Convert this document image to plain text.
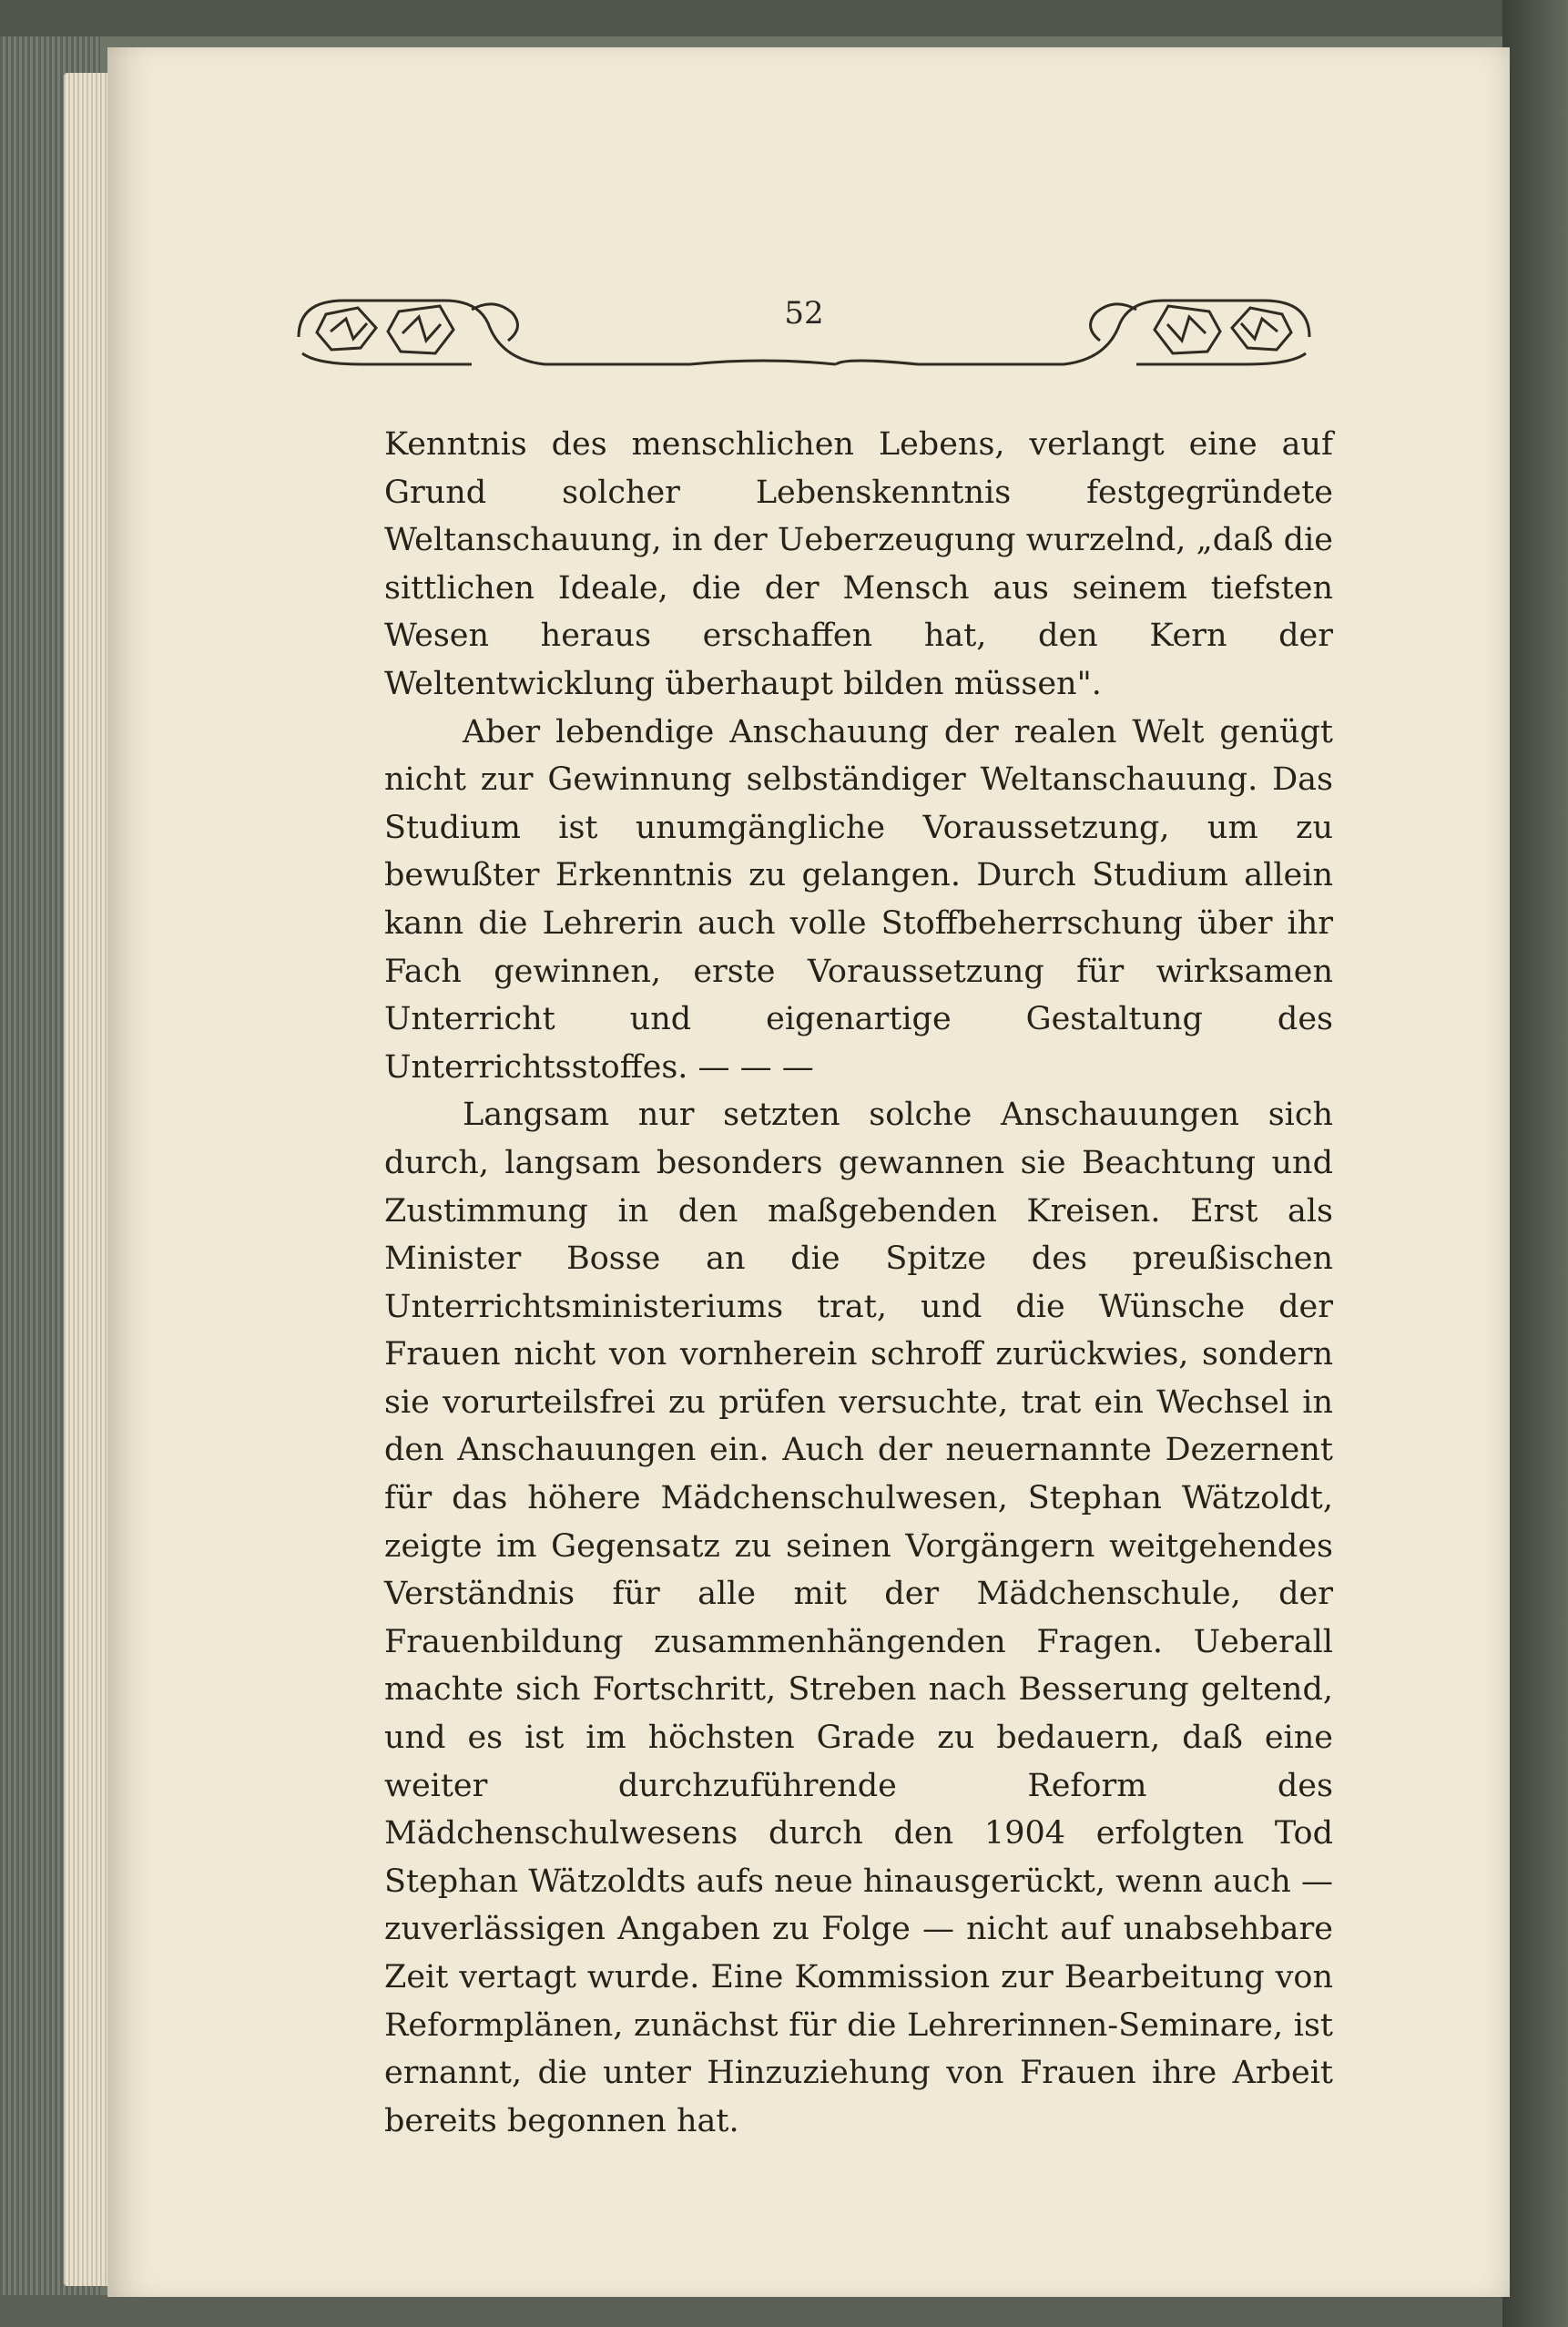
52

Kenntnis des menschlichen Lebens, verlangt eine auf Grund solcher Lebenskenntnis festgegründete Weltanschauung, in der Ueberzeugung wurzelnd, „daß die sittlichen Ideale, die der Mensch aus seinem tiefsten Wesen heraus erschaffen hat, den Kern der Weltentwicklung überhaupt bilden müssen".

Aber lebendige Anschauung der realen Welt genügt nicht zur Gewinnung selbständiger Weltanschauung. Das Studium ist unumgängliche Voraussetzung, um zu bewußter Erkenntnis zu gelangen. Durch Studium allein kann die Lehrerin auch volle Stoffbeherrschung über ihr Fach gewinnen, erste Voraussetzung für wirksamen Unterricht und eigenartige Gestaltung des Unterrichtsstoffes. — — —

Langsam nur setzten solche Anschauungen sich durch, langsam besonders gewannen sie Beachtung und Zustimmung in den maßgebenden Kreisen. Erst als Minister Bosse an die Spitze des preußischen Unterrichtsministeriums trat, und die Wünsche der Frauen nicht von vornherein schroff zurückwies, sondern sie vorurteilsfrei zu prüfen versuchte, trat ein Wechsel in den Anschauungen ein. Auch der neuernannte Dezernent für das höhere Mädchenschulwesen, Stephan Wätzoldt, zeigte im Gegensatz zu seinen Vorgängern weitgehendes Verständnis für alle mit der Mädchenschule, der Frauenbildung zusammenhängenden Fragen. Ueberall machte sich Fortschritt, Streben nach Besserung geltend, und es ist im höchsten Grade zu bedauern, daß eine weiter durchzuführende Reform des Mädchenschulwesens durch den 1904 erfolgten Tod Stephan Wätzoldts aufs neue hinausgerückt, wenn auch — zuverlässigen Angaben zu Folge — nicht auf unabsehbare Zeit vertagt wurde. Eine Kommission zur Bearbeitung von Reformplänen, zunächst für die Lehrerinnen-Seminare, ist ernannt, die unter Hinzuziehung von Frauen ihre Arbeit bereits begonnen hat.
